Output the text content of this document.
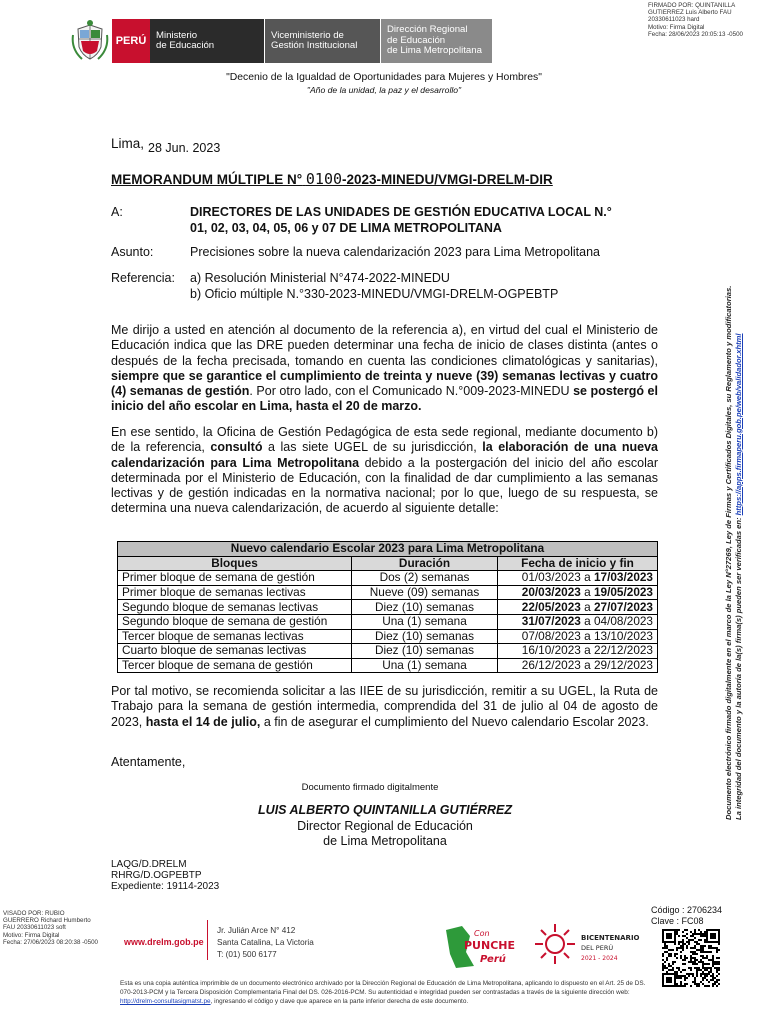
FIRMADO POR: QUINTANILLA
GUTIERREZ Luis Alberto FAU
20330611023 hard
Motivo: Firma Digital
Fecha: 28/06/2023 20:05:13 -0500
PERÚ	Ministerio
de Educación
Viceministerio de
Gestión Institucional
Dirección Regional
de Educación
de Lima Metropolitana
"Decenio de la Igualdad de Oportunidades para Mujeres y Hombres"
"Año de la unidad, la paz y el desarrollo"
Lima, 28 Jun. 2023
MEMORANDUM MÚLTIPLE N° 0100-2023-MINEDU/VMGI-DRELM-DIR
A:	DIRECTORES DE LAS UNIDADES DE GESTIÓN EDUCATIVA LOCAL N.°
01, 02, 03, 04, 05, 06 y 07 DE LIMA METROPOLITANA
Asunto:	Precisiones sobre la nueva calendarización 2023 para Lima Metropolitana
Referencia: a) Resolución Ministerial N°474-2022-MINEDU
b) Oficio múltiple N.°330-2023-MINEDU/VMGI-DRELM-OGPEBTP
Me dirijo a usted en atención al documento de la referencia a), en virtud del cual el Ministerio de Educación indica que las DRE pueden determinar una fecha de inicio de clases distinta (antes o después de la fecha precisada, tomando en cuenta las condiciones climatológicas y sanitarias), siempre que se garantice el cumplimiento de treinta y nueve (39) semanas lectivas y cuatro (4) semanas de gestión. Por otro lado, con el Comunicado N.°009-2023-MINEDU se postergó el inicio del año escolar en Lima, hasta el 20 de marzo.
En ese sentido, la Oficina de Gestión Pedagógica de esta sede regional, mediante documento b) de la referencia, consultó a las siete UGEL de su jurisdicción, la elaboración de una nueva calendarización para Lima Metropolitana debido a la postergación del inicio del año escolar determinada por el Ministerio de Educación, con la finalidad de dar cumplimiento a las semanas lectivas y de gestión indicadas en la normativa nacional; por lo que, luego de su respuesta, se determina una nueva calendarización, de acuerdo al siguiente detalle:
Nuevo calendario Escolar 2023 para Lima Metropolitana		
Bloques	Duración	Fecha de inicio y fin
Primer bloque de semana de gestión	Dos (2) semanas	01/03/2023 a 17/03/2023
Primer bloque de semanas lectivas	Nueve (09) semanas	20/03/2023 a 19/05/2023
Segundo bloque de semanas lectivas	Diez (10) semanas	22/05/2023 a 27/07/2023
Segundo bloque de semana de gestión	Una (1) semana	31/07/2023 a 04/08/2023
Tercer bloque de semanas lectivas	Diez (10) semanas	07/08/2023 a 13/10/2023
Cuarto bloque de semanas lectivas	Diez (10) semanas	16/10/2023 a 22/12/2023
Tercer bloque de semana de gestión	Una (1) semana	26/12/2023 a 29/12/2023
Por tal motivo, se recomienda solicitar a las IIEE de su jurisdicción, remitir a su UGEL, la Ruta de Trabajo para la semana de gestión intermedia, comprendida del 31 de julio al 04 de agosto de 2023, hasta el 14 de julio, a fin de asegurar el cumplimiento del Nuevo calendario Escolar 2023.
Atentamente,
Documento firmado digitalmente
LUIS ALBERTO QUINTANILLA GUTIÉRREZ
Director Regional de Educación
de Lima Metropolitana
LAQG/D.DRELM
RHRG/D.OGPEBTP
Expediente: 19114-2023
VISADO POR: RUBIO
GUERRERO Richard Humberto
FAU 20330611023 soft
Motivo: Firma Digital
Fecha: 27/06/2023 08:20:38 -0500
Código : 2706234
Clave : FC08
Documento electrónico firmado digitalmente en el marco de la Ley N°27269, Ley de Firmas y Certificados Digitales, su Reglamento y modificatorias. La integridad del documento y la autoría de la(s) firma(s) pueden ser verificadas en: https://apps.firmaperu.gob.pe/web/validador.xhtml
www.drelm.gob.pe
Jr. Julián Arce N° 412
Santa Catalina, La Victoria
T: (01) 500 6177
Con
PUNCHE
Perú
BICENTENARIO
DEL PERÚ
2021 - 2024
Esta es una copia auténtica imprimible de un documento electrónico archivado por la Dirección Regional de Educación de Lima Metropolitana, aplicando lo dispuesto en el Art. 25 de DS. 070-2013-PCM y la Tercera Disposición Complementaria Final del DS. 026-2016-PCM. Su autenticidad e integridad pueden ser contrastadas a través de la siguiente dirección web: http://drelm-consultasigmatst.pe, ingresando el código y clave que aparece en la parte inferior derecha de este documento.
